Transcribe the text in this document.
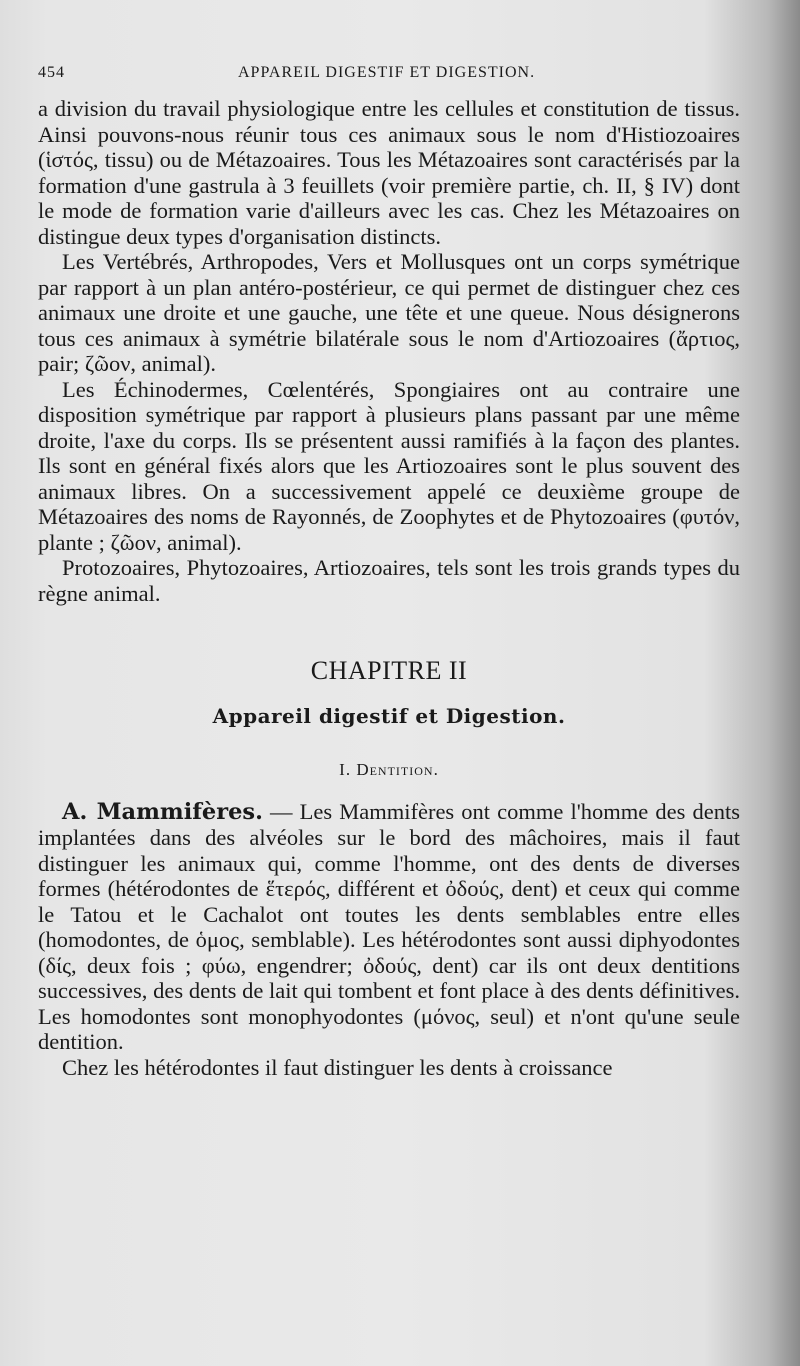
454	APPAREIL DIGESTIF ET DIGESTION.

a division du travail physiologique entre les cellules et constitution de tissus. Ainsi pouvons-nous réunir tous ces animaux sous le nom d'Histiozoaires (ἱστός, tissu) ou de Métazoaires. Tous les Métazoaires sont caractérisés par la formation d'une gastrula à 3 feuillets (voir première partie, ch. II, § IV) dont le mode de formation varie d'ailleurs avec les cas. Chez les Métazoaires on distingue deux types d'organisation distincts.

Les Vertébrés, Arthropodes, Vers et Mollusques ont un corps symétrique par rapport à un plan antéro-postérieur, ce qui permet de distinguer chez ces animaux une droite et une gauche, une tête et une queue. Nous désignerons tous ces animaux à symétrie bilatérale sous le nom d'Artiozoaires (ἄρτιος, pair; ζῶον, animal).

Les Échinodermes, Cœlentérés, Spongiaires ont au contraire une disposition symétrique par rapport à plusieurs plans passant par une même droite, l'axe du corps. Ils se présentent aussi ramifiés à la façon des plantes. Ils sont en général fixés alors que les Artiozoaires sont le plus souvent des animaux libres. On a successivement appelé ce deuxième groupe de Métazoaires des noms de Rayonnés, de Zoophytes et de Phytozoaires (φυτόν, plante ; ζῶον, animal).

Protozoaires, Phytozoaires, Artiozoaires, tels sont les trois grands types du règne animal.

CHAPITRE II
Appareil digestif et Digestion.
I. Dentition.

A. Mammifères. — Les Mammifères ont comme l'homme des dents implantées dans des alvéoles sur le bord des mâchoires, mais il faut distinguer les animaux qui, comme l'homme, ont des dents de diverses formes (hétérodontes de ἕτερός, différent et ὀδούς, dent) et ceux qui comme le Tatou et le Cachalot ont toutes les dents semblables entre elles (homodontes, de ὁμος, semblable). Les hétérodontes sont aussi diphyodontes (δίς, deux fois ; φύω, engendrer; ὀδούς, dent) car ils ont deux dentitions successives, des dents de lait qui tombent et font place à des dents définitives. Les homodontes sont monophyodontes (μόνος, seul) et n'ont qu'une seule dentition.

Chez les hétérodontes il faut distinguer les dents à croissance
